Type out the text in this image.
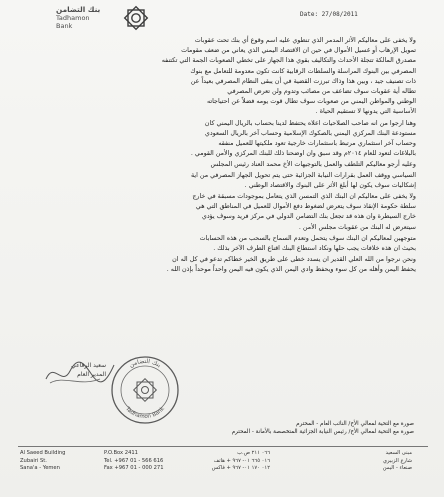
بنك التضامن
Tadhamon
Bank
Date: 27/08/2011

ولا يخفى على معاليكم الأثر المدمر الذي تنطوي عليه اسم وقوع أي بنك تحت عقوبات

تمويل الإرهاب أو غسيل الأموال في حين ان الاقتصاد اليمني الذي يعاني من ضعف مقومات

مصدرق المالكة تتجلة الأحداث والتكاليف بقوي هذا الجهاز على تخطي الصعوبات الجمة التي تكتنفه

المصرفي بين البنوك المراسلة والسلطات الرقابية كانت تكون معدومة للتعامل مع بنوك

ذات تصنيف جيد ، وبين هذا وذاك تبرزت القضية في أن يبقى النظام المصرفي بعيداً عن

تطاله أية عقوبات سوف تضاعف من مصائب وتدوم ولن تعرض المصرفي

الوطني والمواطن اليمني من صعوبات سوف تطال قوت يومه فضلاً عن احتياجاته

الأساسية التي يدونها لا تستقيم الحياة .

وهنا ارجوا من انه صاحب الصلاحيات اعلاه يحتفظ لدينا بحساب بالريال اليمني كان

مستودعة البنك المركزي اليمني بالصكوك الإسلامية وحساب آخر بالريال السعودي

وحساب آخر استثماري مرتبط باستثمارات خارجية تعود ملكيتها للعميل منفقه

بالبلاغات لتعود للعام ٢٠١٤م وقد سبق وان اوضحنا ذلك للبنك المركزي والأمن القومي .

وعليه أرجو معاليكم التلطف والعمل بالتوجيهات الأخ محمد العناد رئيس المجلس

السياسي ووقف العمل بقرارات النيابة الجزائية حتى يتم تحويل الجهاز المصرفي من اية

إشكاليات سوف يكون لها أبلغ الأثر على البنوك والاقتصاد الوطني .

ولا يخفى على معاليكم ان البنك الذي التمسن الذي يتعامل بموجودات مسبقة في خارج

سلطة حكومة الإنقاذ سوف يتعرض لضغوط دفع الأموال للعميل في المناطق التي هي

خارج السيطرة وان هذه قد تجعل بنك التضامن الدولي في مركز فريد وسوف يؤدي

سيتعرض له البنك من عقوبات مجلس الأمن .

متوجهين لمعاليكم ان البنك سوف يتحمل وتعدم السماح بالسحب من هذه الحسابات

بحيث ان هذه خلافات يجب حلها ونكاد استطاع البنك اقناع الطرف الآخر بذلك .

ونحن نرجوا من الله العلي القدير ان يسدد خطى على طريق الخير خطاكم تدعو في كل اله ان

يحفظ اليمن وأهله من كل سوء ويحفظ وادي اليمن الذي يكون فيه اليمن واحداً موحداً بإذن الله .

سعيد الرفاعي
المدير العام
بنك التضامن
Tadhamon Bank
صورة مع التحية لمعالي الأخ/ النائب العام - المحترم
صورة مع التحية لمعالي الأخ/ رئيس النيابة الجزائية المتخصصة بالأمانة - المحترم
Al Saeed Building
Zubairi St.
Sana'a - Yemen
P.O.Box 2411
Tel. +967 01 - 566 616
Fax +967 01 - 000 271
٠٦٦ ٢١١ ص.ب
٠١٦ ٦٦٥ ٠١- ٩٦٧ + هاتف
٠١٢ ١٧٠ ٠١- ٩٦٧ + فاكس
مبنى السعيد
شارع الزبيري
صنعاء - اليمن
